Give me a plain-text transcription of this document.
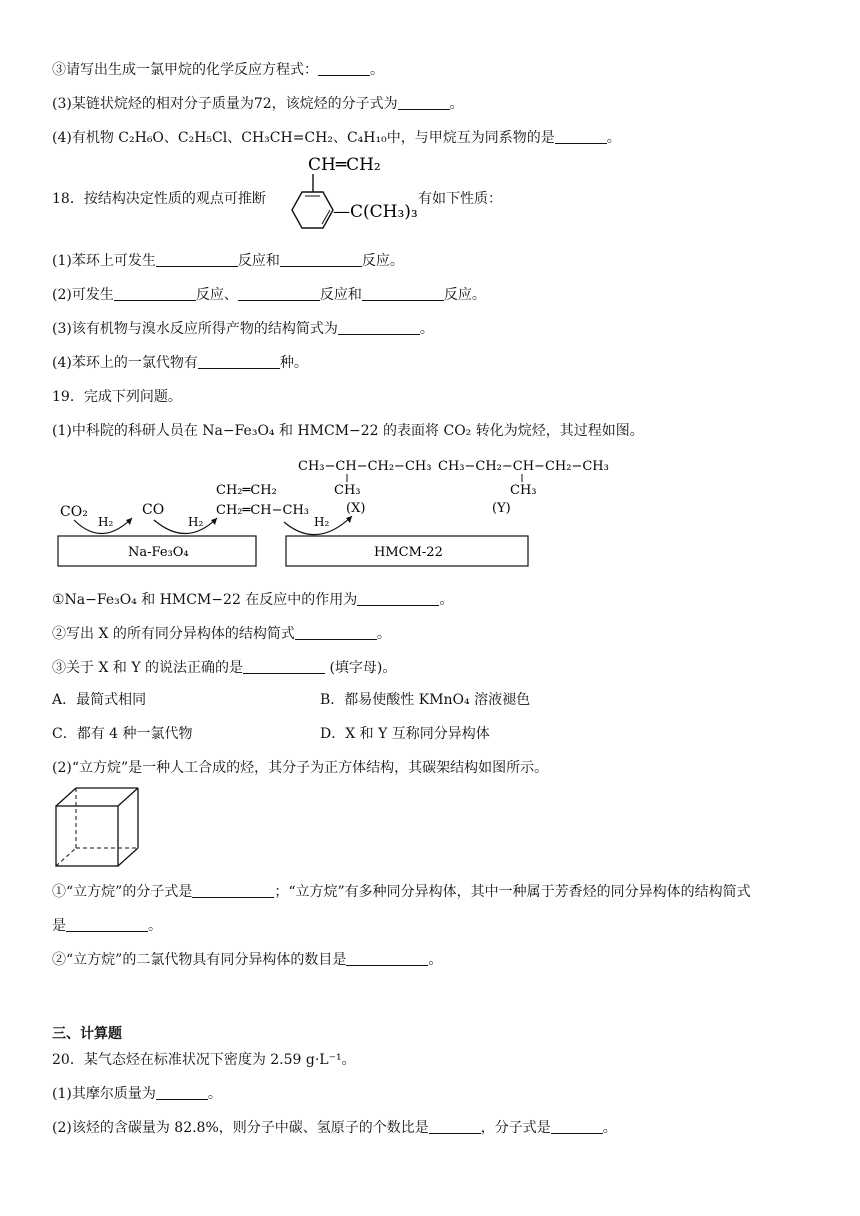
③请写出生成一氯甲烷的化学反应方程式：	。
(3)某链状烷烃的相对分子质量为72，该烷烃的分子式为	。
(4)有机物 C₂H₆O、C₂H₅Cl、CH₃CH=CH₂、C₄H₁₀中，与甲烷互为同系物的是	。
18．按结构决定性质的观点可推断
CH═CH₂
—C(CH₃)₃
有如下性质：
(1)苯环上可发生	反应和	反应。
(2)可发生	反应、	反应和	反应。
(3)该有机物与溴水反应所得产物的结构简式为	。
(4)苯环上的一氯代物有	种。
19．完成下列问题。
(1)中科院的科研人员在 Na−Fe₃O₄ 和 HMCM−22 的表面将 CO₂ 转化为烷烃，其过程如图。
CH₃−CH−CH₂−CH₃
CH₃
(X)
CH₃−CH₂−CH−CH₂−CH₃
CH₃
(Y)
CH₂═CH₂
CH₂═CH−CH₃
CO₂	CO
H₂	H₂	H₂
Na-Fe₃O₄	HMCM-22
①Na−Fe₃O₄ 和 HMCM−22 在反应中的作用为	。
②写出 X 的所有同分异构体的结构简式	。
③关于 X 和 Y 的说法正确的是	(填字母)。
A．最简式相同	B．都易使酸性 KMnO₄ 溶液褪色
C．都有 4 种一氯代物	D．X 和 Y 互称同分异构体
(2)“立方烷”是一种人工合成的烃，其分子为正方体结构，其碳架结构如图所示。
①“立方烷”的分子式是	；“立方烷”有多种同分异构体，其中一种属于芳香烃的同分异构体的结构简式
是	。
②“立方烷”的二氯代物具有同分异构体的数目是	。
三、计算题
20．某气态烃在标准状况下密度为 2.59 g·L⁻¹。
(1)其摩尔质量为	。
(2)该烃的含碳量为 82.8%，则分子中碳、氢原子的个数比是	，分子式是	。
